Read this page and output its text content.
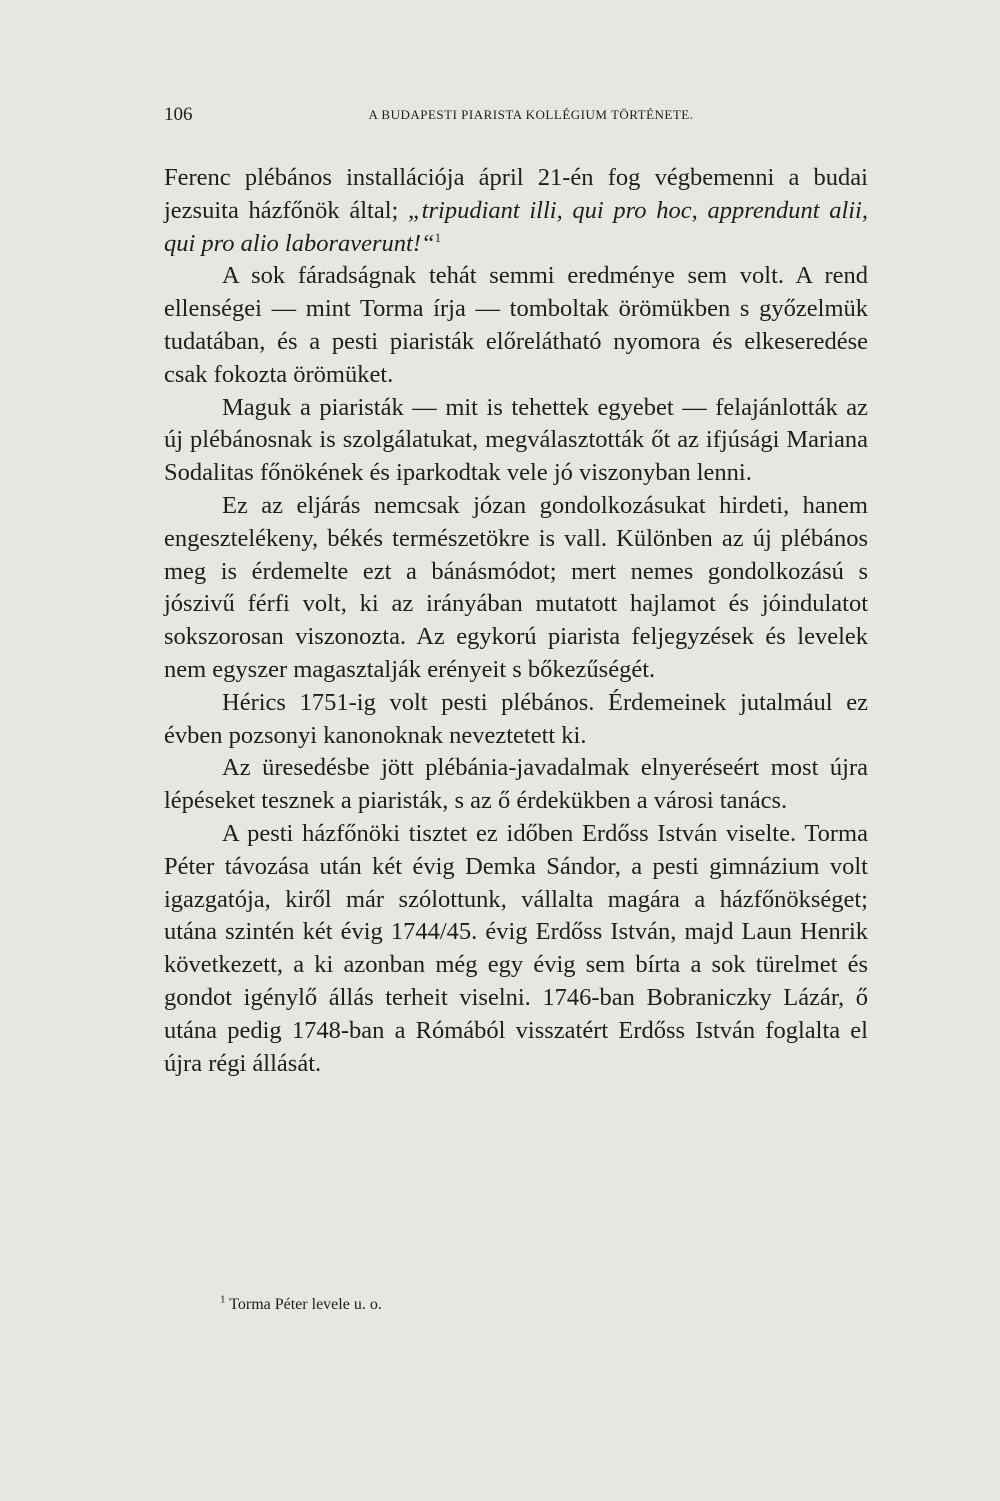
106	A BUDAPESTI PIARISTA KOLLÉGIUM TÖRTÉNETE.

Ferenc plébános installációja ápril 21-én fog végbemenni a budai jezsuita házfőnök által; „tripudiant illi, qui pro hoc, apprendunt alii, qui pro alio laboraverunt!“$^1$

A sok fáradságnak tehát semmi eredménye sem volt. A rend ellenségei — mint Torma írja — tomboltak örömükben s győzelmük tudatában, és a pesti piaristák előrelátható nyomora és elkeseredése csak fokozta örömüket.

Maguk a piaristák — mit is tehettek egyebet — felajánlották az új plébánosnak is szolgálatukat, megválasztották őt az ifjúsági Mariana Sodalitas főnökének és iparkodtak vele jó viszonyban lenni.

Ez az eljárás nemcsak józan gondolkozásukat hirdeti, hanem engesztelékeny, békés természetökre is vall. Különben az új plébános meg is érdemelte ezt a bánásmódot; mert nemes gondolkozású s jószivű férfi volt, ki az irányában mutatott hajlamot és jóindulatot sokszorosan viszonozta. Az egykorú piarista feljegyzések és levelek nem egyszer magasztalják erényeit s bőkezűségét.

Hérics 1751-ig volt pesti plébános. Érdemeinek jutalmául ez évben pozsonyi kanonoknak neveztetett ki.

Az üresedésbe jött plébánia-javadalmak elnyeréseért most újra lépéseket tesznek a piaristák, s az ő érdekükben a városi tanács.

A pesti házfőnöki tisztet ez időben Erdőss István viselte. Torma Péter távozása után két évig Demka Sándor, a pesti gimnázium volt igazgatója, kiről már szólottunk, vállalta magára a házfőnökséget; utána szintén két évig 1744/45. évig Erdőss István, majd Laun Henrik következett, a ki azonban még egy évig sem bírta a sok türelmet és gondot igénylő állás terheit viselni. 1746-ban Bobraniczky Lázár, ő utána pedig 1748-ban a Rómából visszatért Erdőss István foglalta el újra régi állását.

$^1$ Torma Péter levele u. o.
